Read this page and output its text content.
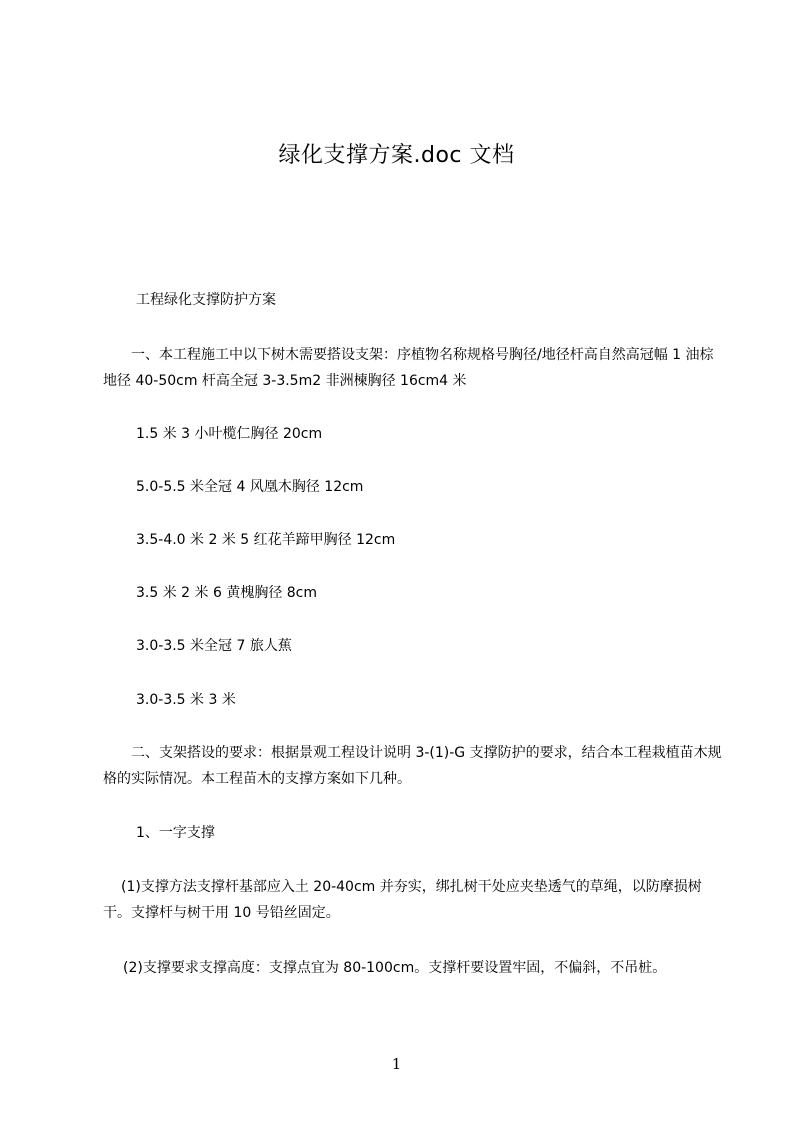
绿化支撑方案.doc 文档
工程绿化支撑防护方案
一、本工程施工中以下树木需要搭设支架：序植物名称规格号胸径/地径杆高自然高冠幅 1 油棕地径 40-50cm 杆高全冠 3-3.5m2 非洲楝胸径 16cm4 米
1.5 米 3 小叶榄仁胸径 20cm
5.0-5.5 米全冠 4 风凰木胸径 12cm
3.5-4.0 米 2 米 5 红花羊蹄甲胸径 12cm
3.5 米 2 米 6 黄槐胸径 8cm
3.0-3.5 米全冠 7 旅人蕉
3.0-3.5 米 3 米
二、支架搭设的要求：根据景观工程设计说明 3-(1)-G 支撑防护的要求，结合本工程栽植苗木规格的实际情况。本工程苗木的支撑方案如下几种。
1、一字支撑
(1)支撑方法支撑杆基部应入土 20-40cm 并夯实，绑扎树干处应夹垫透气的草绳，以防摩损树干。支撑杆与树干用 10 号铅丝固定。
(2)支撑要求支撑高度：支撑点宜为 80-100cm。支撑杆要设置牢固，不偏斜，不吊桩。
1
